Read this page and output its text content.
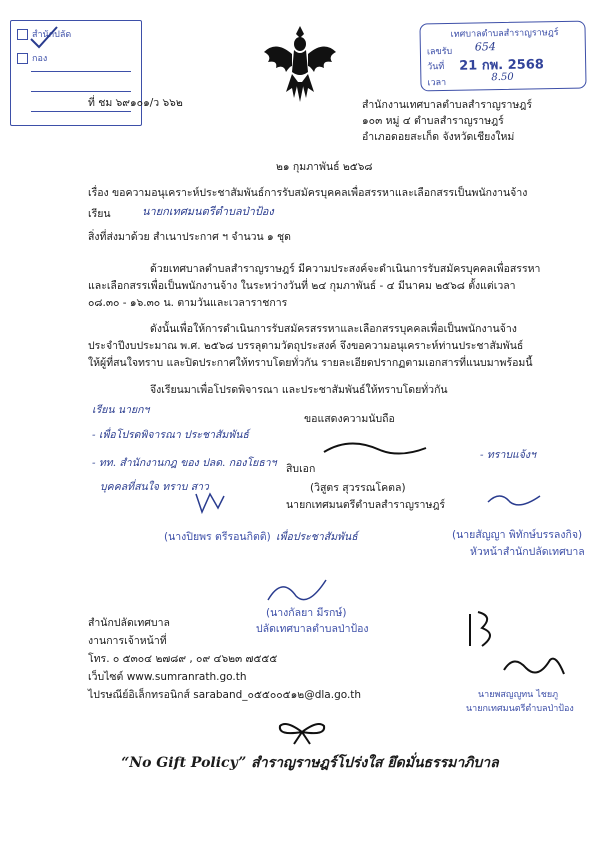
สำนักปลัด
กอง
เทศบาลตำบลสำราญราษฎร์
เลขรับ 654
วันที่ 21 กพ. 2568
เวลา	8.50
ที่ ชม ๖๙๑๐๑/ว ๖๖๒	สำนักงานเทศบาลตำบลสำราญราษฎร์
๑๐๓ หมู่ ๔ ตำบลสำราญราษฎร์
อำเภอดอยสะเก็ด จังหวัดเชียงใหม่
๒๑ กุมภาพันธ์ ๒๕๖๘
เรื่อง ขอความอนุเคราะห์ประชาสัมพันธ์การรับสมัครบุคคลเพื่อสรรหาและเลือกสรรเป็นพนักงานจ้าง
เรียน	นายกเทศมนตรีตำบลป่าป้อง
สิ่งที่ส่งมาด้วย สำเนาประกาศ ฯ จำนวน ๑ ชุด
ด้วยเทศบาลตำบลสำราญราษฎร์ มีความประสงค์จะดำเนินการรับสมัครบุคคลเพื่อสรรหา
และเลือกสรรเพื่อเป็นพนักงานจ้าง ในระหว่างวันที่ ๒๔ กุมภาพันธ์ - ๔ มีนาคม ๒๕๖๘ ตั้งแต่เวลา
๐๘.๓๐ - ๑๖.๓๐ น. ตามวันและเวลาราชการ
ดังนั้นเพื่อให้การดำเนินการรับสมัครสรรหาและเลือกสรรบุคคลเพื่อเป็นพนักงานจ้าง
ประจำปีงบประมาณ พ.ศ. ๒๕๖๘ บรรลุตามวัตถุประสงค์ จึงขอความอนุเคราะห์ท่านประชาสัมพันธ์
ให้ผู้ที่สนใจทราบ และปิดประกาศให้ทราบโดยทั่วกัน รายละเอียดปรากฏตามเอกสารที่แนบมาพร้อมนี้
จึงเรียนมาเพื่อโปรดพิจารณา และประชาสัมพันธ์ให้ทราบโดยทั่วกัน
เรียน นายกฯ
- เพื่อโปรดพิจารณา ประชาสัมพันธ์
- ทท. สำนักงานกฎ ของ ปลด. กองโยธาฯ
บุคคลที่สนใจ ทราบ สาว
ขอแสดงความนับถือ
สิบเอก
(วิสูตร สุวรรณโคตล)
นายกเทศมนตรีตำบลสำราญราษฎร์
- ทราบแจ้งฯ
(นางปิยพร ตรีรอนกิตติ) เพื่อประชาสัมพันธ์	(นายสัญญา พิทักษ์บรรลงกิจ)
หัวหน้าสำนักปลัดเทศบาล
(นางกัลยา มีรกษ์)
ปลัดเทศบาลตำบลป่าป้อง
สำนักปลัดเทศบาล
งานการเจ้าหน้าที่
โทร. ๐ ๕๓๐๔ ๒๗๘๙ , ๐๙ ๔๖๒๓ ๗๕๕๕
เว็บไซต์ www.sumranrath.go.th
ไปรษณีย์อิเล็กทรอนิกส์ saraband_๐๕๕๐๐๕๑๒@dla.go.th	นายพสญญูทน ไชยภู
นายกเทศมนตรีตำบลป่าป้อง
“No Gift Policy” สำราญราษฎร์โปร่งใส ยึดมั่นธรรมาภิบาล
